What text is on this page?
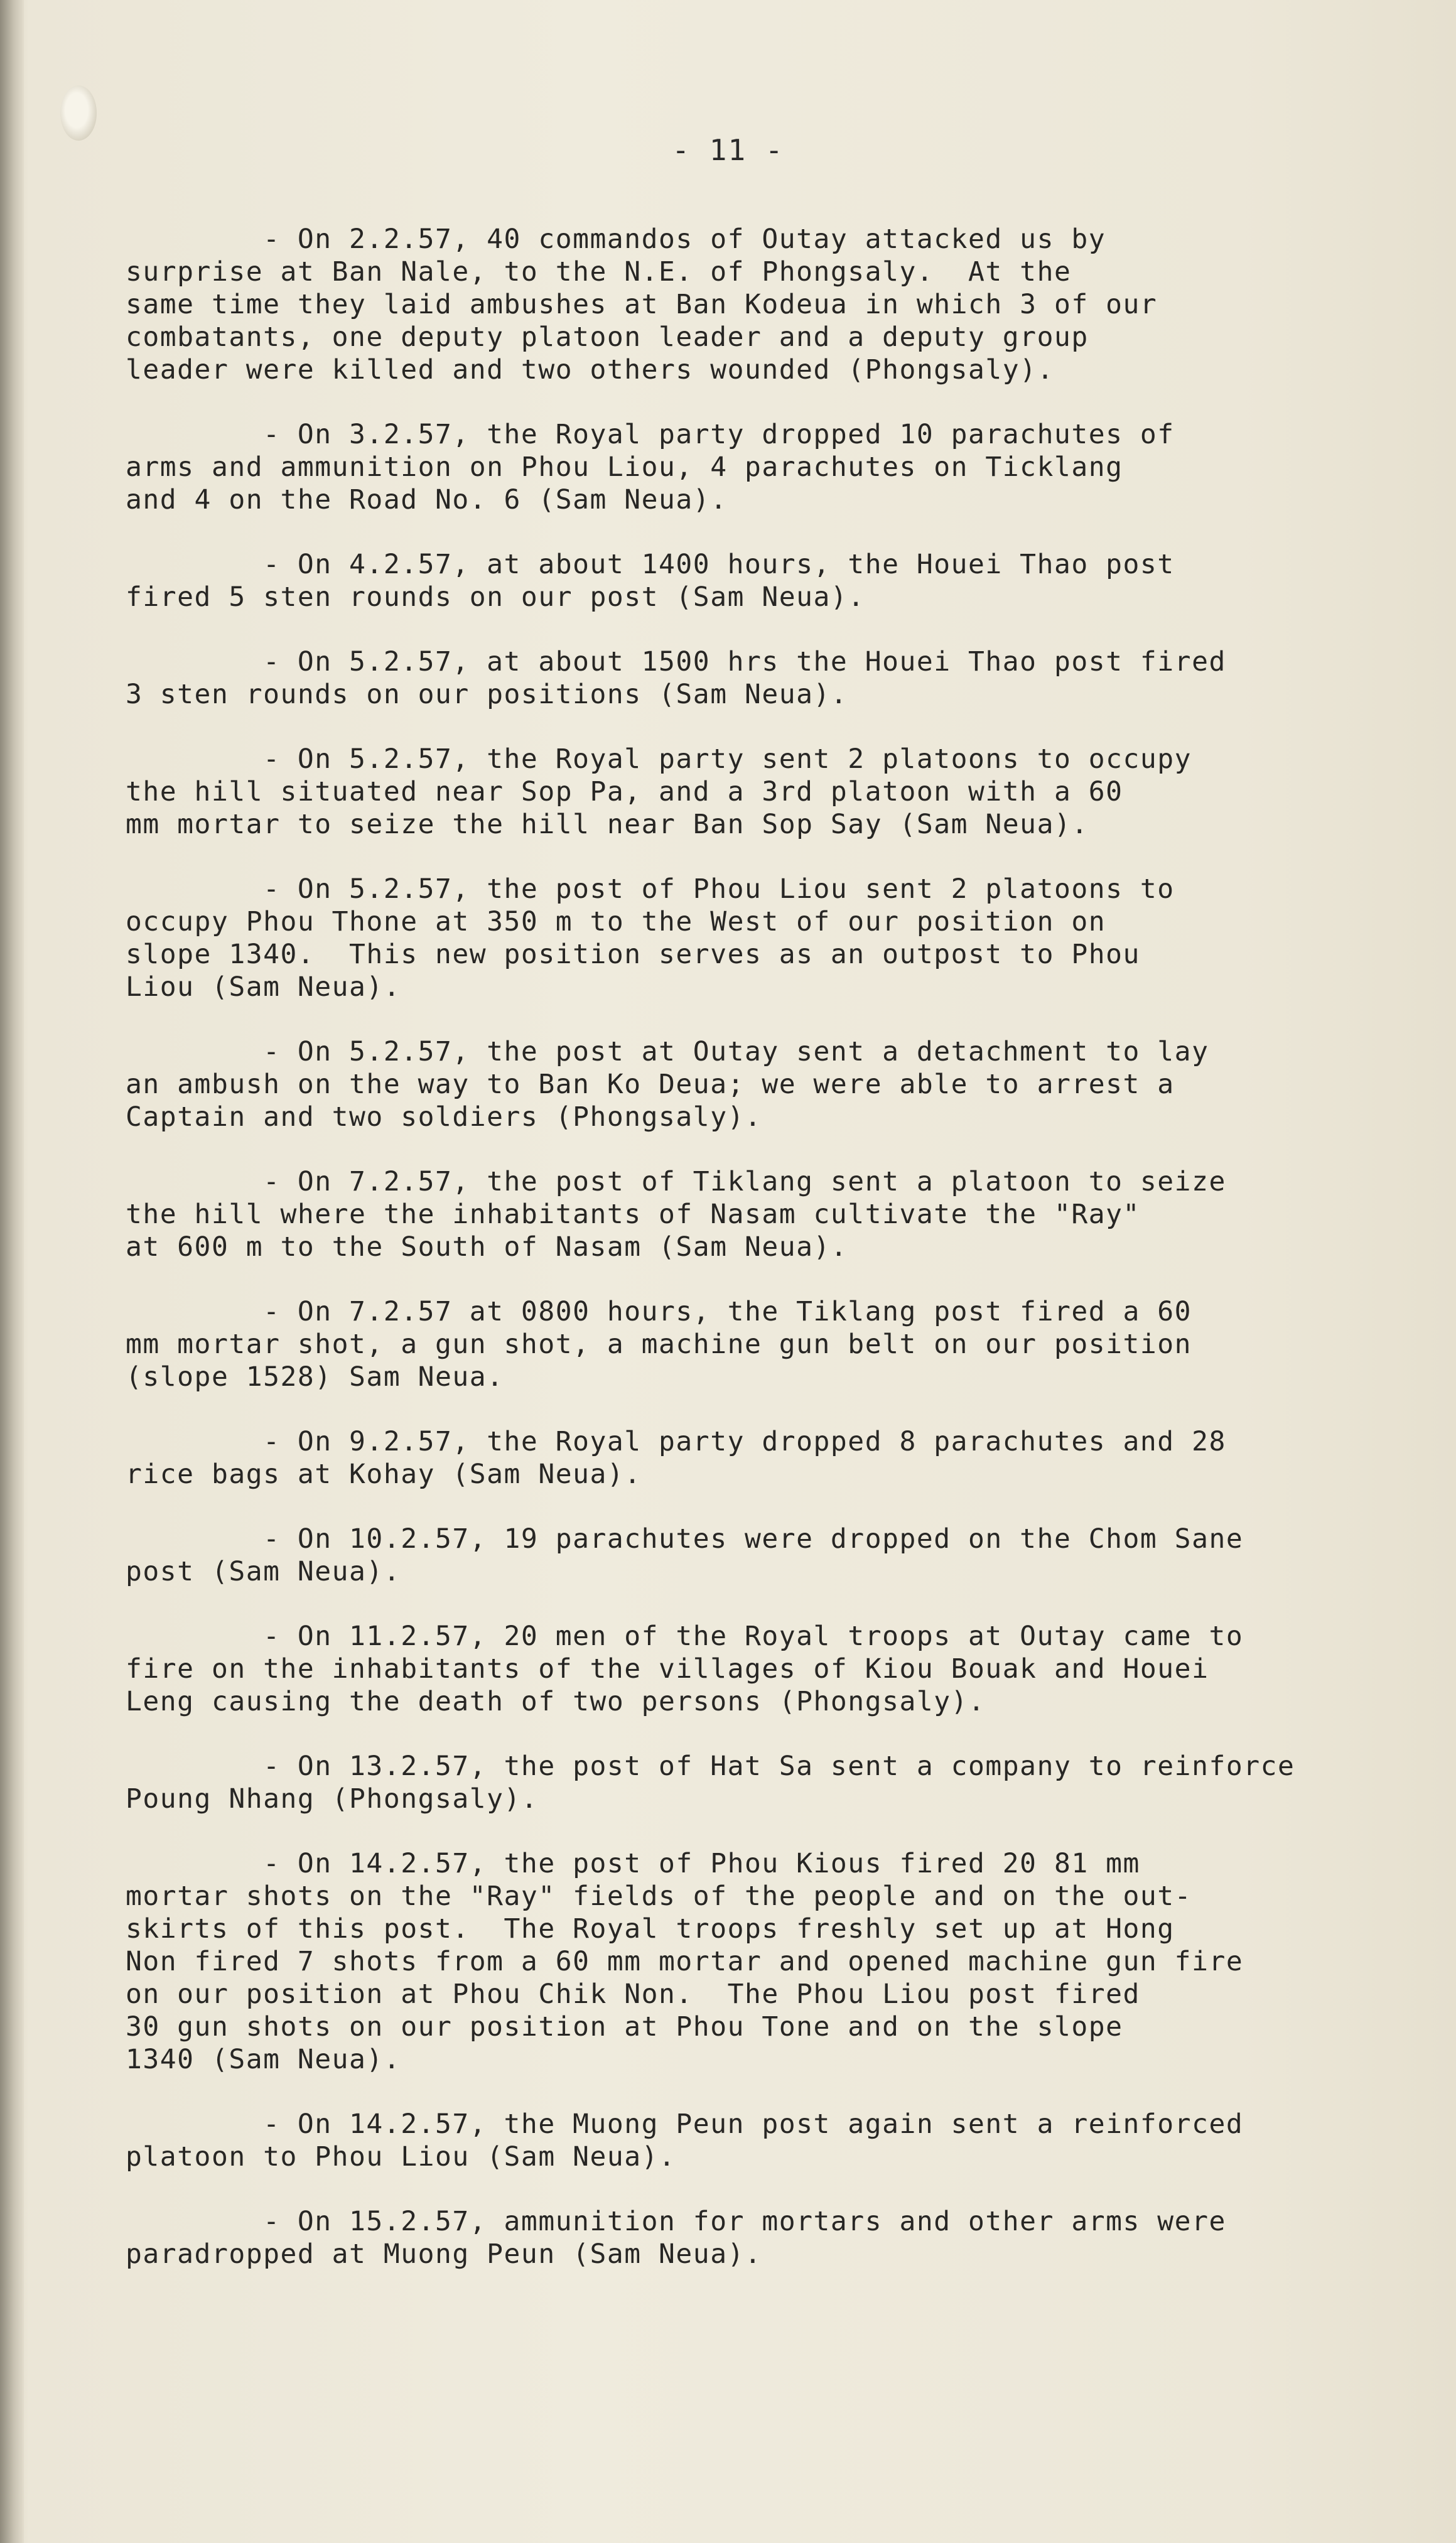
- 11 -

- On 2.2.57, 40 commandos of Outay attacked us by
surprise at Ban Nale, to the N.E. of Phongsaly.  At the
same time they laid ambushes at Ban Kodeua in which 3 of our
combatants, one deputy platoon leader and a deputy group
leader were killed and two others wounded (Phongsaly).
- On 3.2.57, the Royal party dropped 10 parachutes of
arms and ammunition on Phou Liou, 4 parachutes on Ticklang
and 4 on the Road No. 6 (Sam Neua).
- On 4.2.57, at about 1400 hours, the Houei Thao post
fired 5 sten rounds on our post (Sam Neua).
- On 5.2.57, at about 1500 hrs the Houei Thao post fired
3 sten rounds on our positions (Sam Neua).
- On 5.2.57, the Royal party sent 2 platoons to occupy
the hill situated near Sop Pa, and a 3rd platoon with a 60
mm mortar to seize the hill near Ban Sop Say (Sam Neua).
- On 5.2.57, the post of Phou Liou sent 2 platoons to
occupy Phou Thone at 350 m to the West of our position on
slope 1340.  This new position serves as an outpost to Phou
Liou (Sam Neua).
- On 5.2.57, the post at Outay sent a detachment to lay
an ambush on the way to Ban Ko Deua; we were able to arrest a
Captain and two soldiers (Phongsaly).
- On 7.2.57, the post of Tiklang sent a platoon to seize
the hill where the inhabitants of Nasam cultivate the "Ray"
at 600 m to the South of Nasam (Sam Neua).
- On 7.2.57 at 0800 hours, the Tiklang post fired a 60
mm mortar shot, a gun shot, a machine gun belt on our position
(slope 1528) Sam Neua.
- On 9.2.57, the Royal party dropped 8 parachutes and 28
rice bags at Kohay (Sam Neua).
- On 10.2.57, 19 parachutes were dropped on the Chom Sane
post (Sam Neua).
- On 11.2.57, 20 men of the Royal troops at Outay came to
fire on the inhabitants of the villages of Kiou Bouak and Houei
Leng causing the death of two persons (Phongsaly).
- On 13.2.57, the post of Hat Sa sent a company to reinforce
Poung Nhang (Phongsaly).
- On 14.2.57, the post of Phou Kious fired 20 81 mm
mortar shots on the "Ray" fields of the people and on the out-
skirts of this post.  The Royal troops freshly set up at Hong
Non fired 7 shots from a 60 mm mortar and opened machine gun fire
on our position at Phou Chik Non.  The Phou Liou post fired
30 gun shots on our position at Phou Tone and on the slope
1340 (Sam Neua).
- On 14.2.57, the Muong Peun post again sent a reinforced
platoon to Phou Liou (Sam Neua).
- On 15.2.57, ammunition for mortars and other arms were
paradropped at Muong Peun (Sam Neua).
